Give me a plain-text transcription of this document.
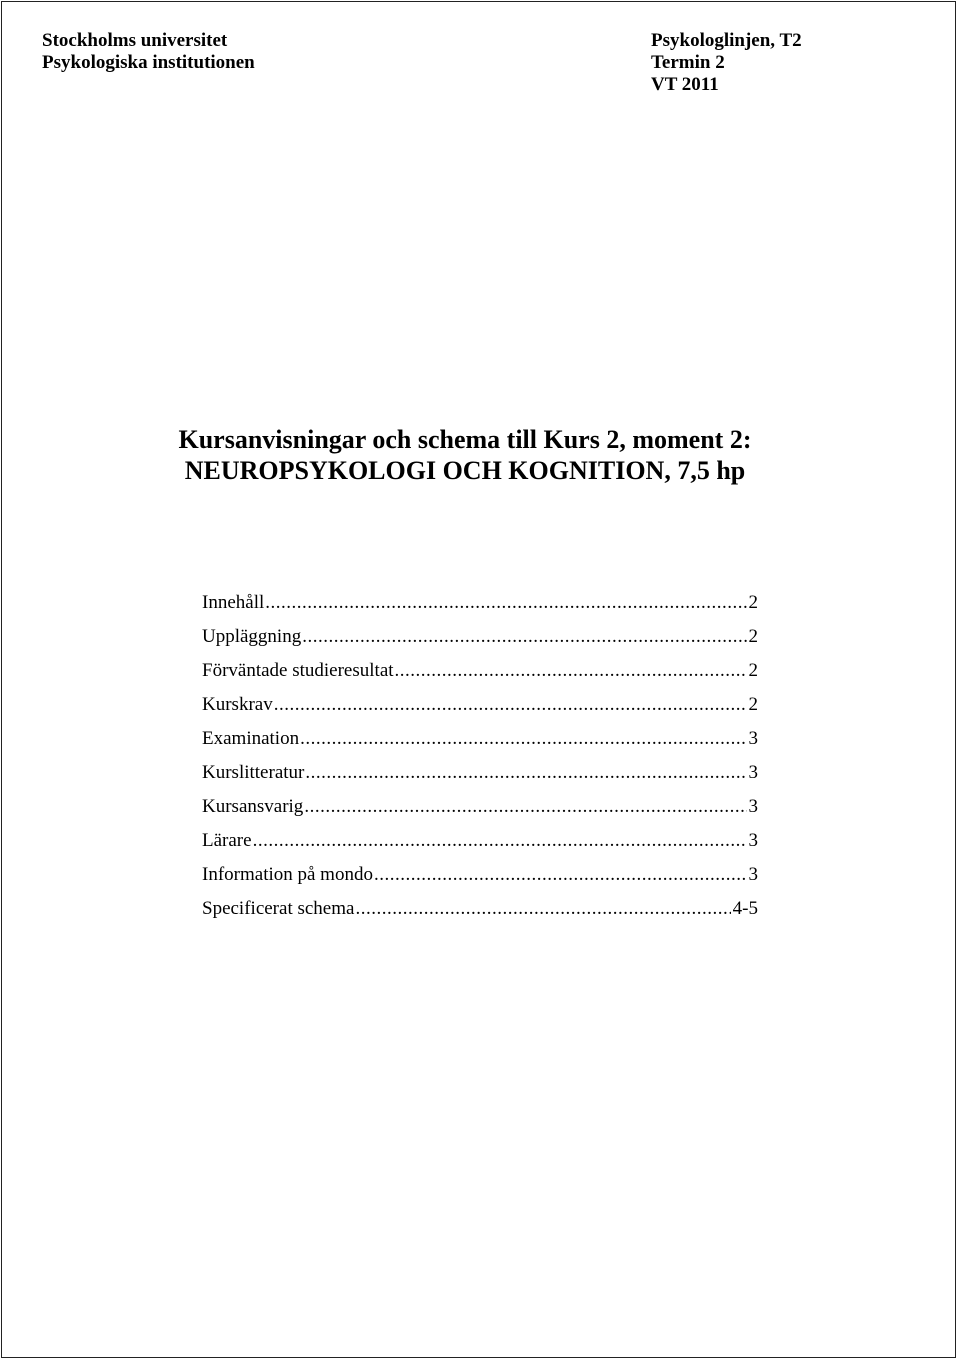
Stockholms universitet
Psykologiska institutionen
Psykologlinjen, T2
Termin 2
VT 2011
Kursanvisningar och schema till Kurs 2, moment 2:
NEUROPSYKOLOGI OCH KOGNITION, 7,5 hp
Innehåll .....	2
Uppläggning .....	2
Förväntade studieresultat .....	2
Kurskrav .....	2
Examination .....	3
Kurslitteratur .....	3
Kursansvarig .....	3
Lärare .....	3
Information på mondo .....	3
Specificerat schema .....	4-5
